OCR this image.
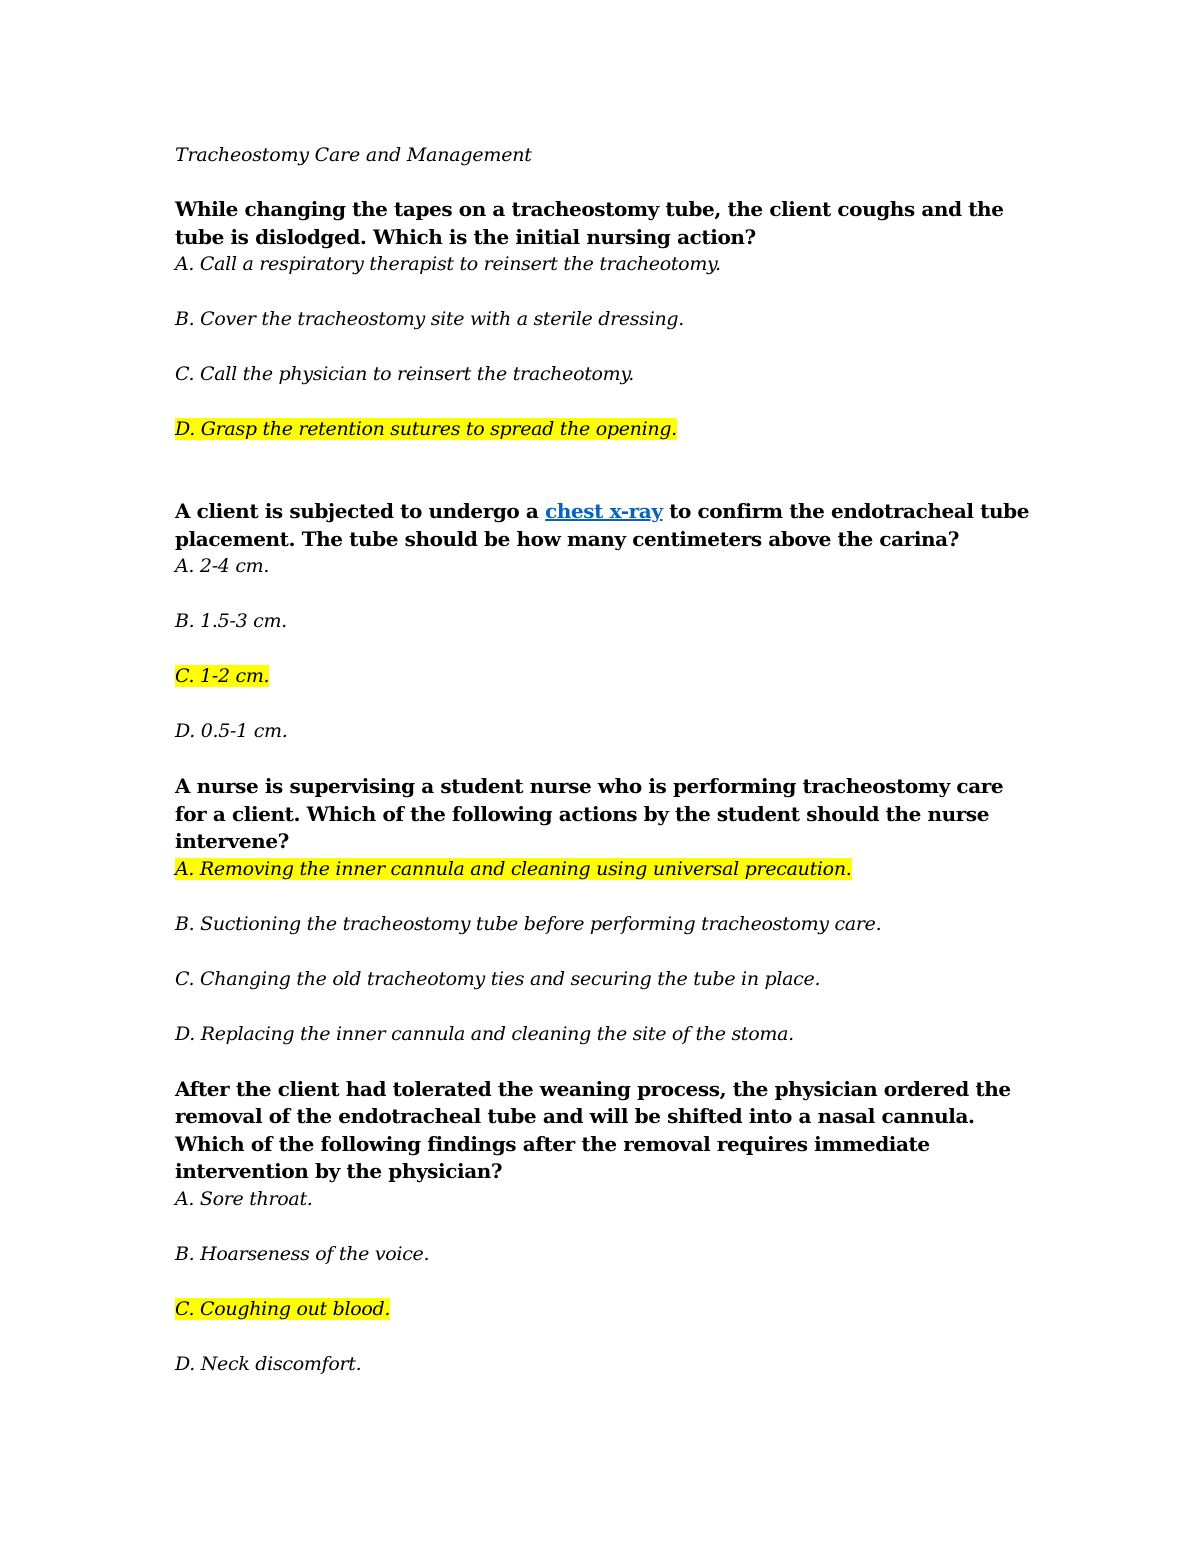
Tracheostomy Care and Management

While changing the tapes on a tracheostomy tube, the client coughs and the tube is dislodged. Which is the initial nursing action?

A. Call a respiratory therapist to reinsert the tracheotomy.

B. Cover the tracheostomy site with a sterile dressing.

C. Call the physician to reinsert the tracheotomy.

D. Grasp the retention sutures to spread the opening.

A client is subjected to undergo a chest x-ray to confirm the endotracheal tube placement. The tube should be how many centimeters above the carina?

A. 2-4 cm.

B. 1.5-3 cm.

C. 1-2 cm.

D. 0.5-1 cm.

A nurse is supervising a student nurse who is performing tracheostomy care for a client. Which of the following actions by the student should the nurse intervene?

A. Removing the inner cannula and cleaning using universal precaution.

B. Suctioning the tracheostomy tube before performing tracheostomy care.

C. Changing the old tracheotomy ties and securing the tube in place.

D. Replacing the inner cannula and cleaning the site of the stoma.

After the client had tolerated the weaning process, the physician ordered the removal of the endotracheal tube and will be shifted into a nasal cannula. Which of the following findings after the removal requires immediate intervention by the physician?

A. Sore throat.

B. Hoarseness of the voice.

C. Coughing out blood.

D. Neck discomfort.
